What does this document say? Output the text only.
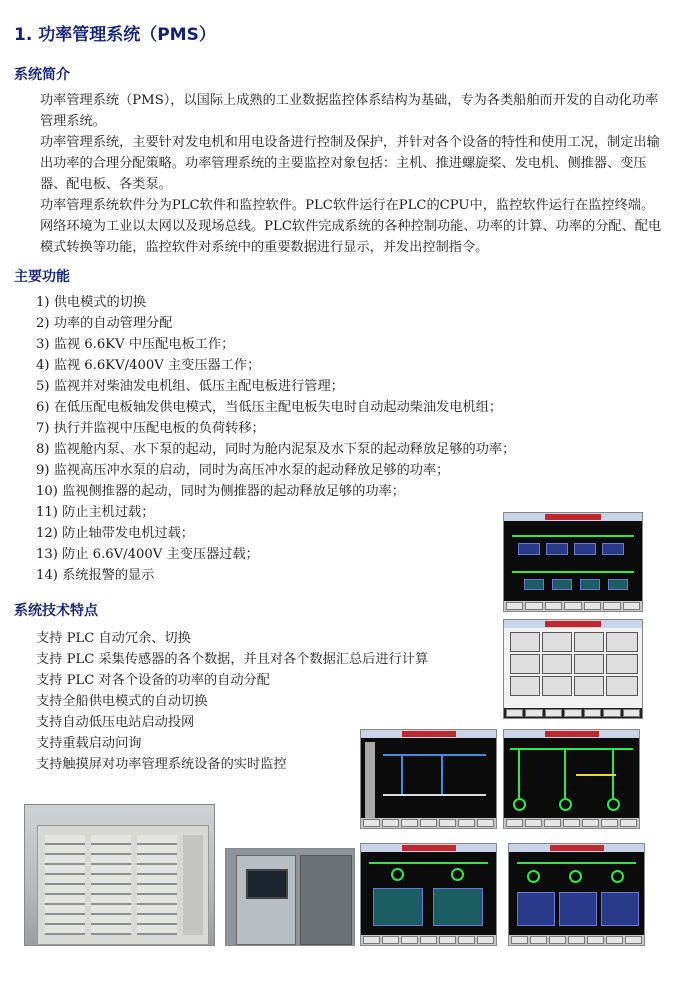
1. 功率管理系统（PMS）
系统简介

功率管理系统（PMS），以国际上成熟的工业数据监控体系结构为基础，专为各类船舶而开发的自动化功率管理系统。

功率管理系统，主要针对发电机和用电设备进行控制及保护，并针对各个设备的特性和使用工况，制定出输出功率的合理分配策略。功率管理系统的主要监控对象包括：主机、推进螺旋桨、发电机、侧推器、变压器、配电板、各类泵。

功率管理系统软件分为PLC软件和监控软件。PLC软件运行在PLC的CPU中，监控软件运行在监控终端。网络环境为工业以太网以及现场总线。PLC软件完成系统的各种控制功能、功率的计算、功率的分配、配电模式转换等功能，监控软件对系统中的重要数据进行显示，并发出控制指令。

主要功能
1) 供电模式的切换
2) 功率的自动管理分配
3) 监视 6.6KV 中压配电板工作；
4) 监视 6.6KV/400V 主变压器工作；
5) 监视并对柴油发电机组、低压主配电板进行管理；
6) 在低压配电板轴发供电模式，当低压主配电板失电时自动起动柴油发电机组；
7) 执行并监视中压配电板的负荷转移；
8) 监视舱内泵、水下泵的起动，同时为舱内泥泵及水下泵的起动释放足够的功率；
9) 监视高压冲水泵的启动，同时为高压冲水泵的起动释放足够的功率；
10) 监视侧推器的起动，同时为侧推器的起动释放足够的功率；
11) 防止主机过载；
12) 防止轴带发电机过载；
13) 防止 6.6V/400V 主变压器过载；
14) 系统报警的显示
系统技术特点
支持 PLC 自动冗余、切换
支持 PLC 采集传感器的各个数据，并且对各个数据汇总后进行计算
支持 PLC 对各个设备的功率的自动分配
支持全船供电模式的自动切换
支持自动低压电站启动投网
支持重载启动问询
支持触摸屏对功率管理系统设备的实时监控
